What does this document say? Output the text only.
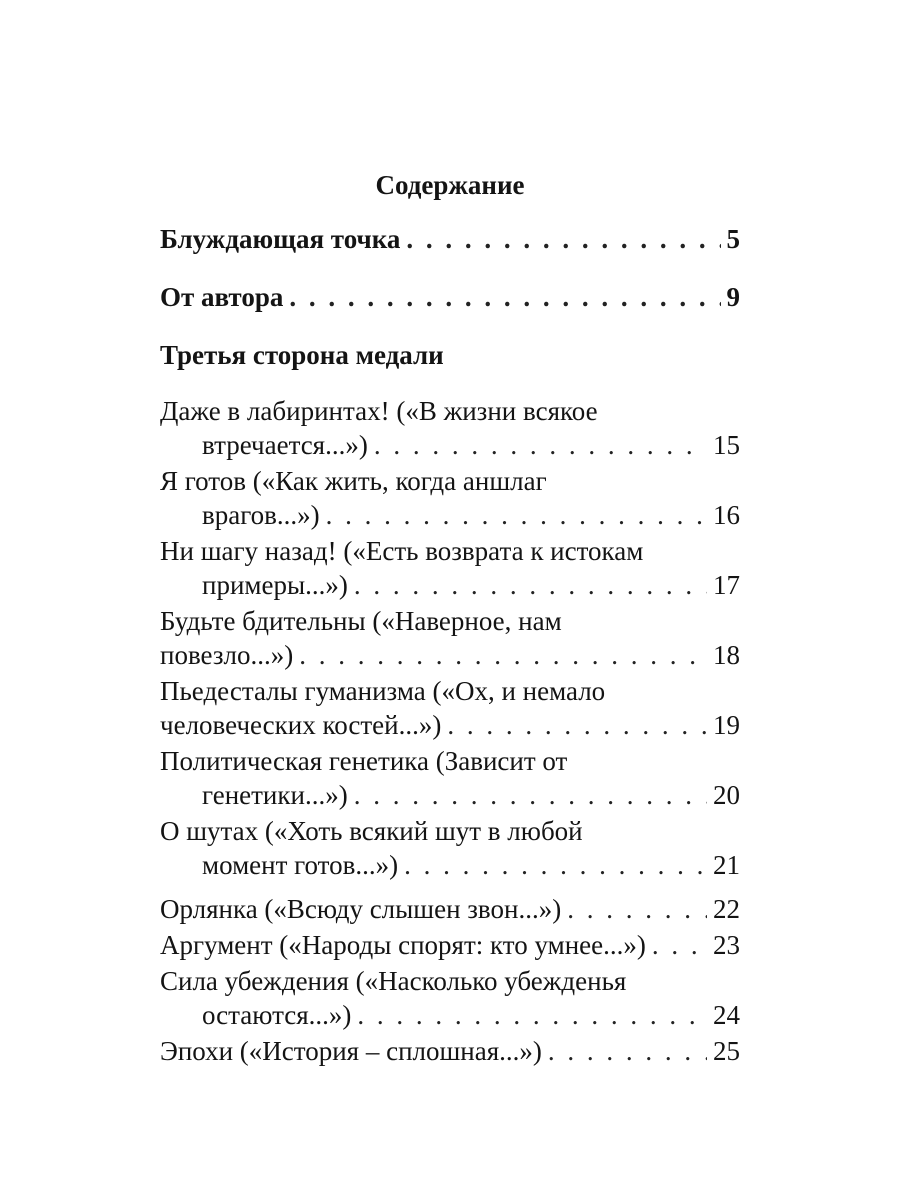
Содержание
Блуждающая точка . . .	5
От автора . . .	9
Третья сторона медали
Даже в лабиринтах! («В жизни всякое
втречается...») . . .	15
Я готов («Как жить, когда аншлаг
врагов...») . . .	16
Ни шагу назад! («Есть возврата к истокам
примеры...») . . .	17
Будьте бдительны («Наверное, нам
повезло...») . . .	18
Пьедесталы гуманизма («Ох, и немало
человеческих костей...») . . .	19
Политическая генетика (Зависит от
генетики...») . . .	20
О шутах («Хоть всякий шут в любой
момент готов...») . . .	21
Орлянка («Всюду слышен звон...») . . .	22
Аргумент («Народы спорят: кто умнее...») . . . 23
Сила убеждения («Насколько убежденья
остаются...») . . .	24
Эпохи («История – сплошная...») . . .	25
